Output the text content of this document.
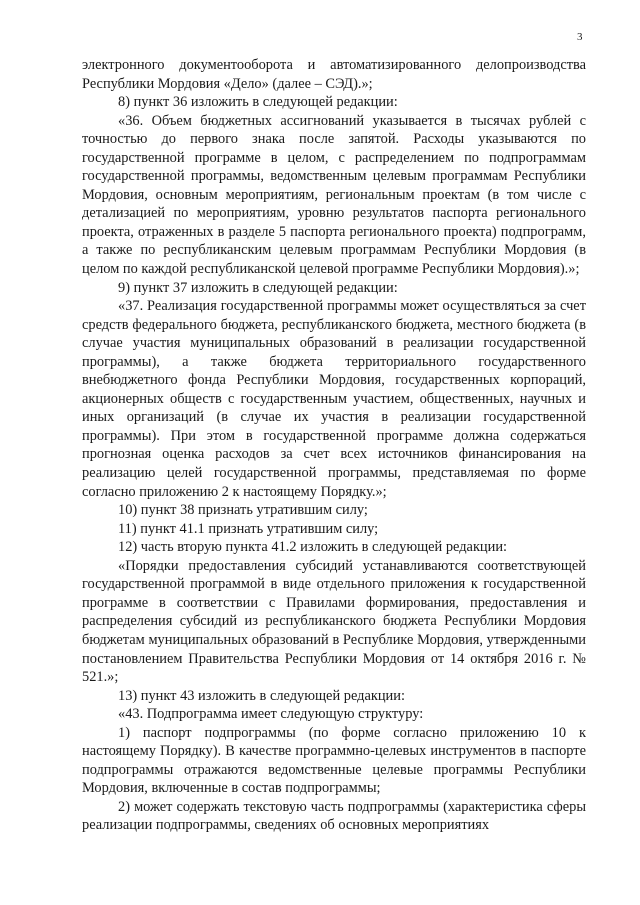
3

электронного документооборота и автоматизированного делопроизводства Республики Мордовия «Дело» (далее – СЭД).»;

8) пункт 36 изложить в следующей редакции:

«36. Объем бюджетных ассигнований указывается в тысячах рублей с точностью до первого знака после запятой. Расходы указываются по государственной программе в целом, с распределением по подпрограммам государственной программы, ведомственным целевым программам Республики Мордовия, основным мероприятиям, региональным проектам (в том числе с детализацией по мероприятиям, уровню результатов паспорта регионального проекта, отраженных в разделе 5 паспорта регионального проекта) подпрограмм, а также по республиканским целевым программам Республики Мордовия (в целом по каждой республиканской целевой программе Республики Мордовия).»;

9) пункт 37 изложить в следующей редакции:

«37. Реализация государственной программы может осуществляться за счет средств федерального бюджета, республиканского бюджета, местного бюджета (в случае участия муниципальных образований в реализации государственной программы), а также бюджета территориального государственного внебюджетного фонда Республики Мордовия, государственных корпораций, акционерных обществ с государственным участием, общественных, научных и иных организаций (в случае их участия в реализации государственной программы). При этом в государственной программе должна содержаться прогнозная оценка расходов за счет всех источников финансирования на реализацию целей государственной программы, представляемая по форме согласно приложению 2 к настоящему Порядку.»;

10) пункт 38 признать утратившим силу;

11) пункт 41.1 признать утратившим силу;

12) часть вторую пункта 41.2 изложить в следующей редакции:

«Порядки предоставления субсидий устанавливаются соответствующей государственной программой в виде отдельного приложения к государственной программе в соответствии с Правилами формирования, предоставления и распределения субсидий из республиканского бюджета Республики Мордовия бюджетам муниципальных образований в Республике Мордовия, утвержденными постановлением Правительства Республики Мордовия от 14 октября 2016 г. № 521.»;

13) пункт 43 изложить в следующей редакции:

«43. Подпрограмма имеет следующую структуру:

1) паспорт подпрограммы (по форме согласно приложению 10 к настоящему Порядку). В качестве программно-целевых инструментов в паспорте подпрограммы отражаются ведомственные целевые программы Республики Мордовия, включенные в состав подпрограммы;

2) может содержать текстовую часть подпрограммы (характеристика сферы реализации подпрограммы, сведениях об основных мероприятиях
